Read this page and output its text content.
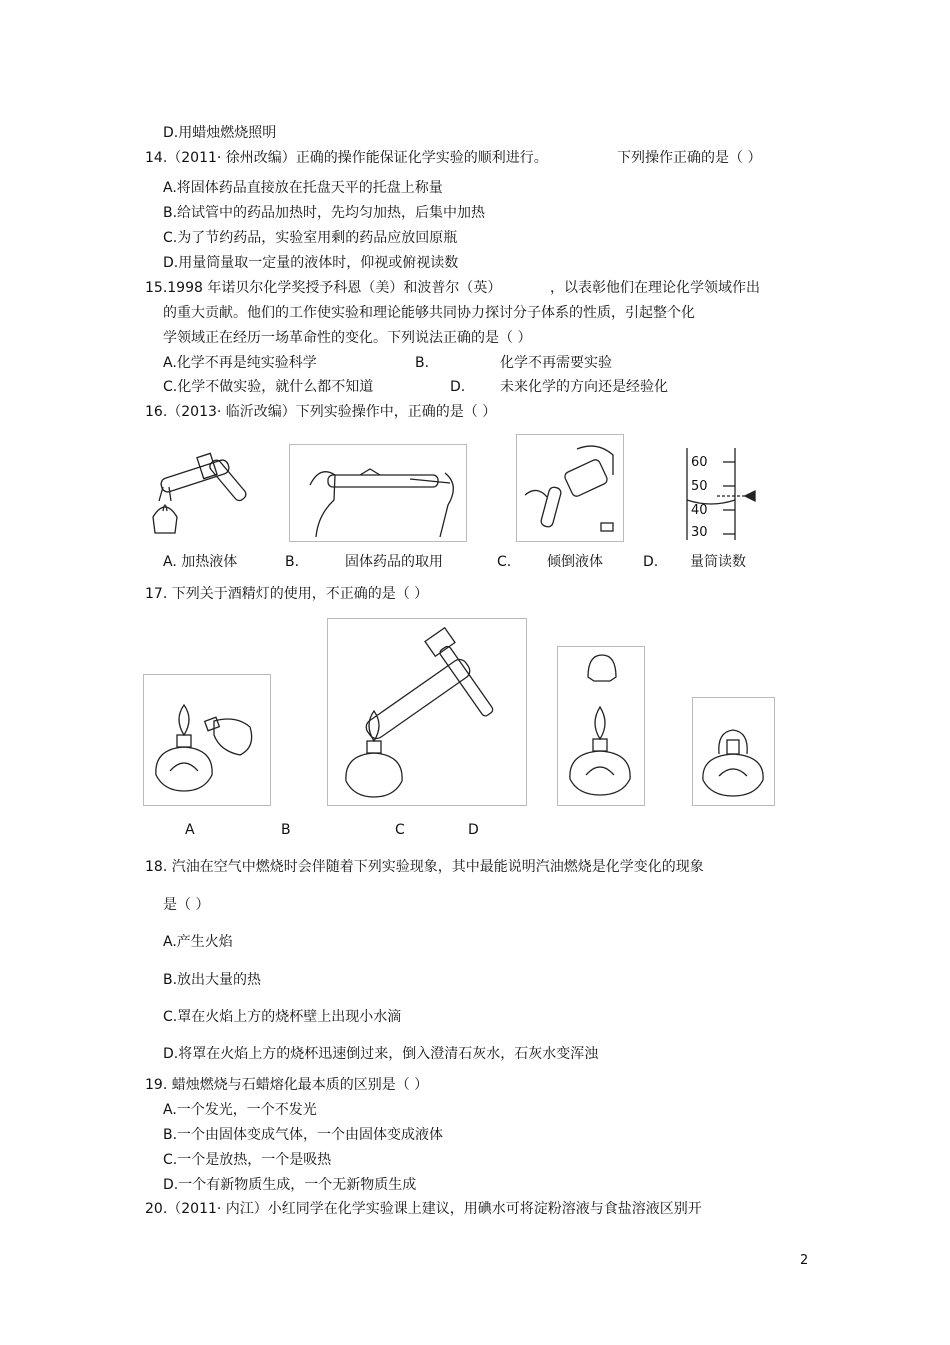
D.用蜡烛燃烧照明
14.（2011· 徐州改编）正确的操作能保证化学实验的顺利进行。	下列操作正确的是（ ）
A.将固体药品直接放在托盘天平的托盘上称量
B.给试管中的药品加热时，先均匀加热，后集中加热
C.为了节约药品，实验室用剩的药品应放回原瓶
D.用量筒量取一定量的液体时，仰视或俯视读数
15.1998 年诺贝尔化学奖授予科恩（美）和波普尔（英）	，以表彰他们在理论化学领域作出
的重大贡献。他们的工作使实验和理论能够共同协力探讨分子体系的性质，引起整个化
学领域正在经历一场革命性的变化。下列说法正确的是（ ）
A.化学不再是纯实验科学	B.	化学不再需要实验
C.化学不做实验，就什么都不知道	D. 未来化学的方向还是经验化
16.（2013· 临沂改编）下列实验操作中，正确的是（ ）
60
50
40
30
A. 加热液体	B.	固体药品的取用	C.	倾倒液体	D. 量筒读数
17. 下列关于酒精灯的使用，不正确的是（ ）
A	B	C	D
18. 汽油在空气中燃烧时会伴随着下列实验现象，其中最能说明汽油燃烧是化学变化的现象
是（ ）
A.产生火焰
B.放出大量的热
C.罩在火焰上方的烧杯壁上出现小水滴
D.将罩在火焰上方的烧杯迅速倒过来，倒入澄清石灰水，石灰水变浑浊
19. 蜡烛燃烧与石蜡熔化最本质的区别是（ ）
A.一个发光，一个不发光
B.一个由固体变成气体，一个由固体变成液体
C.一个是放热，一个是吸热
D.一个有新物质生成，一个无新物质生成
20.（2011· 内江）小红同学在化学实验课上建议，用碘水可将淀粉溶液与食盐溶液区别开
2
